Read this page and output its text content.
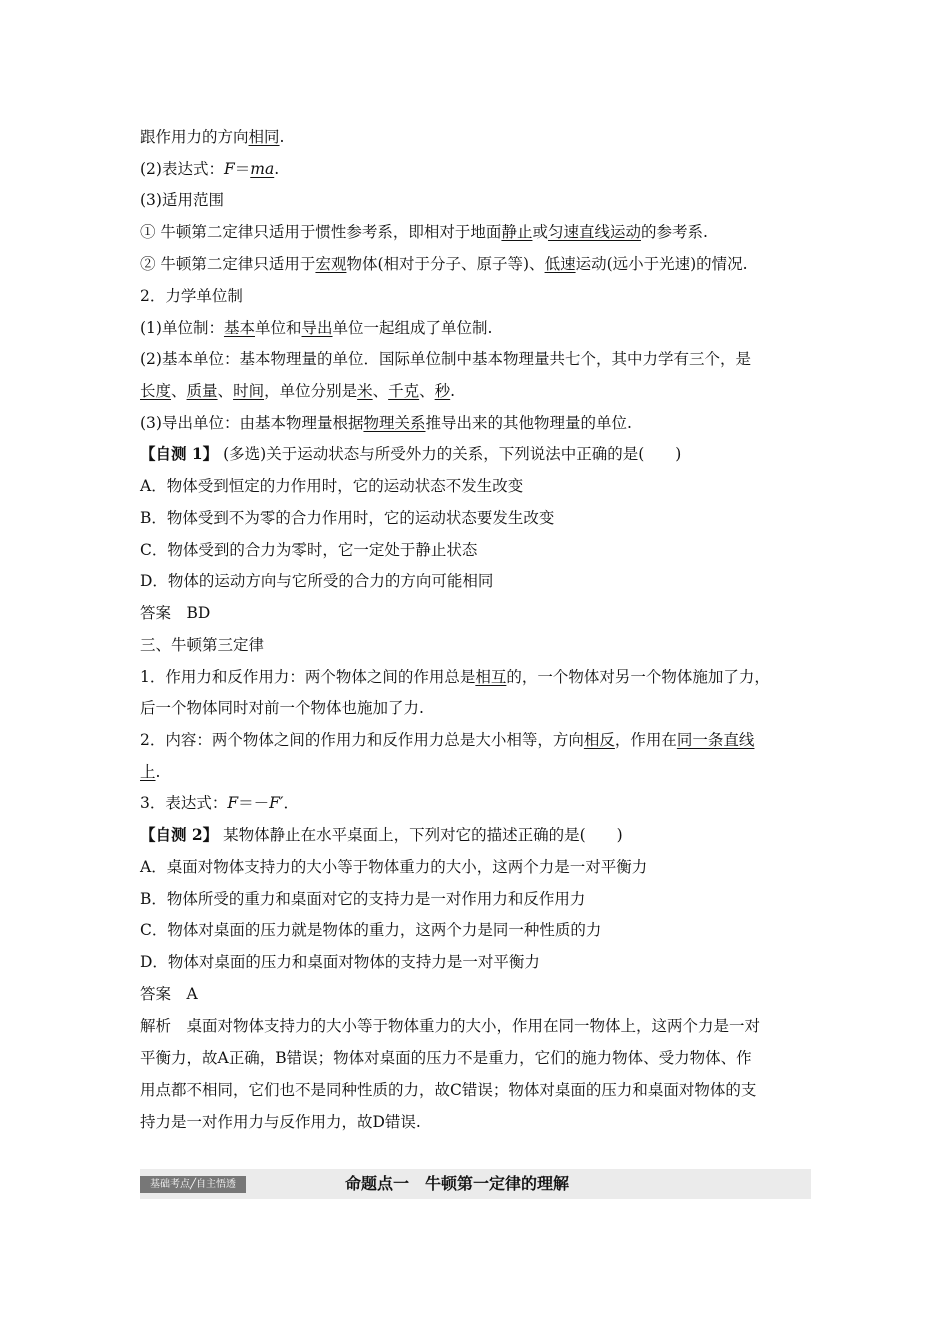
跟作用力的方向相同.
(2)表达式：F＝ma.
(3)适用范围
① 牛顿第二定律只适用于惯性参考系，即相对于地面静止或匀速直线运动的参考系.
② 牛顿第二定律只适用于宏观物体(相对于分子、原子等)、低速运动(远小于光速)的情况.
2．力学单位制
(1)单位制：基本单位和导出单位一起组成了单位制.
(2)基本单位：基本物理量的单位．国际单位制中基本物理量共七个，其中力学有三个，是
长度、质量、时间，单位分别是米、千克、秒.
(3)导出单位：由基本物理量根据物理关系推导出来的其他物理量的单位.
【自测 1】 (多选)关于运动状态与所受外力的关系，下列说法中正确的是(　　)
A．物体受到恒定的力作用时，它的运动状态不发生改变
B．物体受到不为零的合力作用时，它的运动状态要发生改变
C．物体受到的合力为零时，它一定处于静止状态
D．物体的运动方向与它所受的合力的方向可能相同
答案　BD
三、牛顿第三定律
1．作用力和反作用力：两个物体之间的作用总是相互的，一个物体对另一个物体施加了力，
后一个物体同时对前一个物体也施加了力.
2．内容：两个物体之间的作用力和反作用力总是大小相等，方向相反，作用在同一条直线
上.
3．表达式：F＝－F′．
【自测 2】 某物体静止在水平桌面上，下列对它的描述正确的是(　　)
A．桌面对物体支持力的大小等于物体重力的大小，这两个力是一对平衡力
B．物体所受的重力和桌面对它的支持力是一对作用力和反作用力
C．物体对桌面的压力就是物体的重力，这两个力是同一种性质的力
D．物体对桌面的压力和桌面对物体的支持力是一对平衡力
答案　A
解析　桌面对物体支持力的大小等于物体重力的大小，作用在同一物体上，这两个力是一对
平衡力，故A正确，B错误；物体对桌面的压力不是重力，它们的施力物体、受力物体、作
用点都不相同，它们也不是同种性质的力，故C错误；物体对桌面的压力和桌面对物体的支
持力是一对作用力与反作用力，故D错误.
基础考点╱自主悟透	命题点一　牛顿第一定律的理解
